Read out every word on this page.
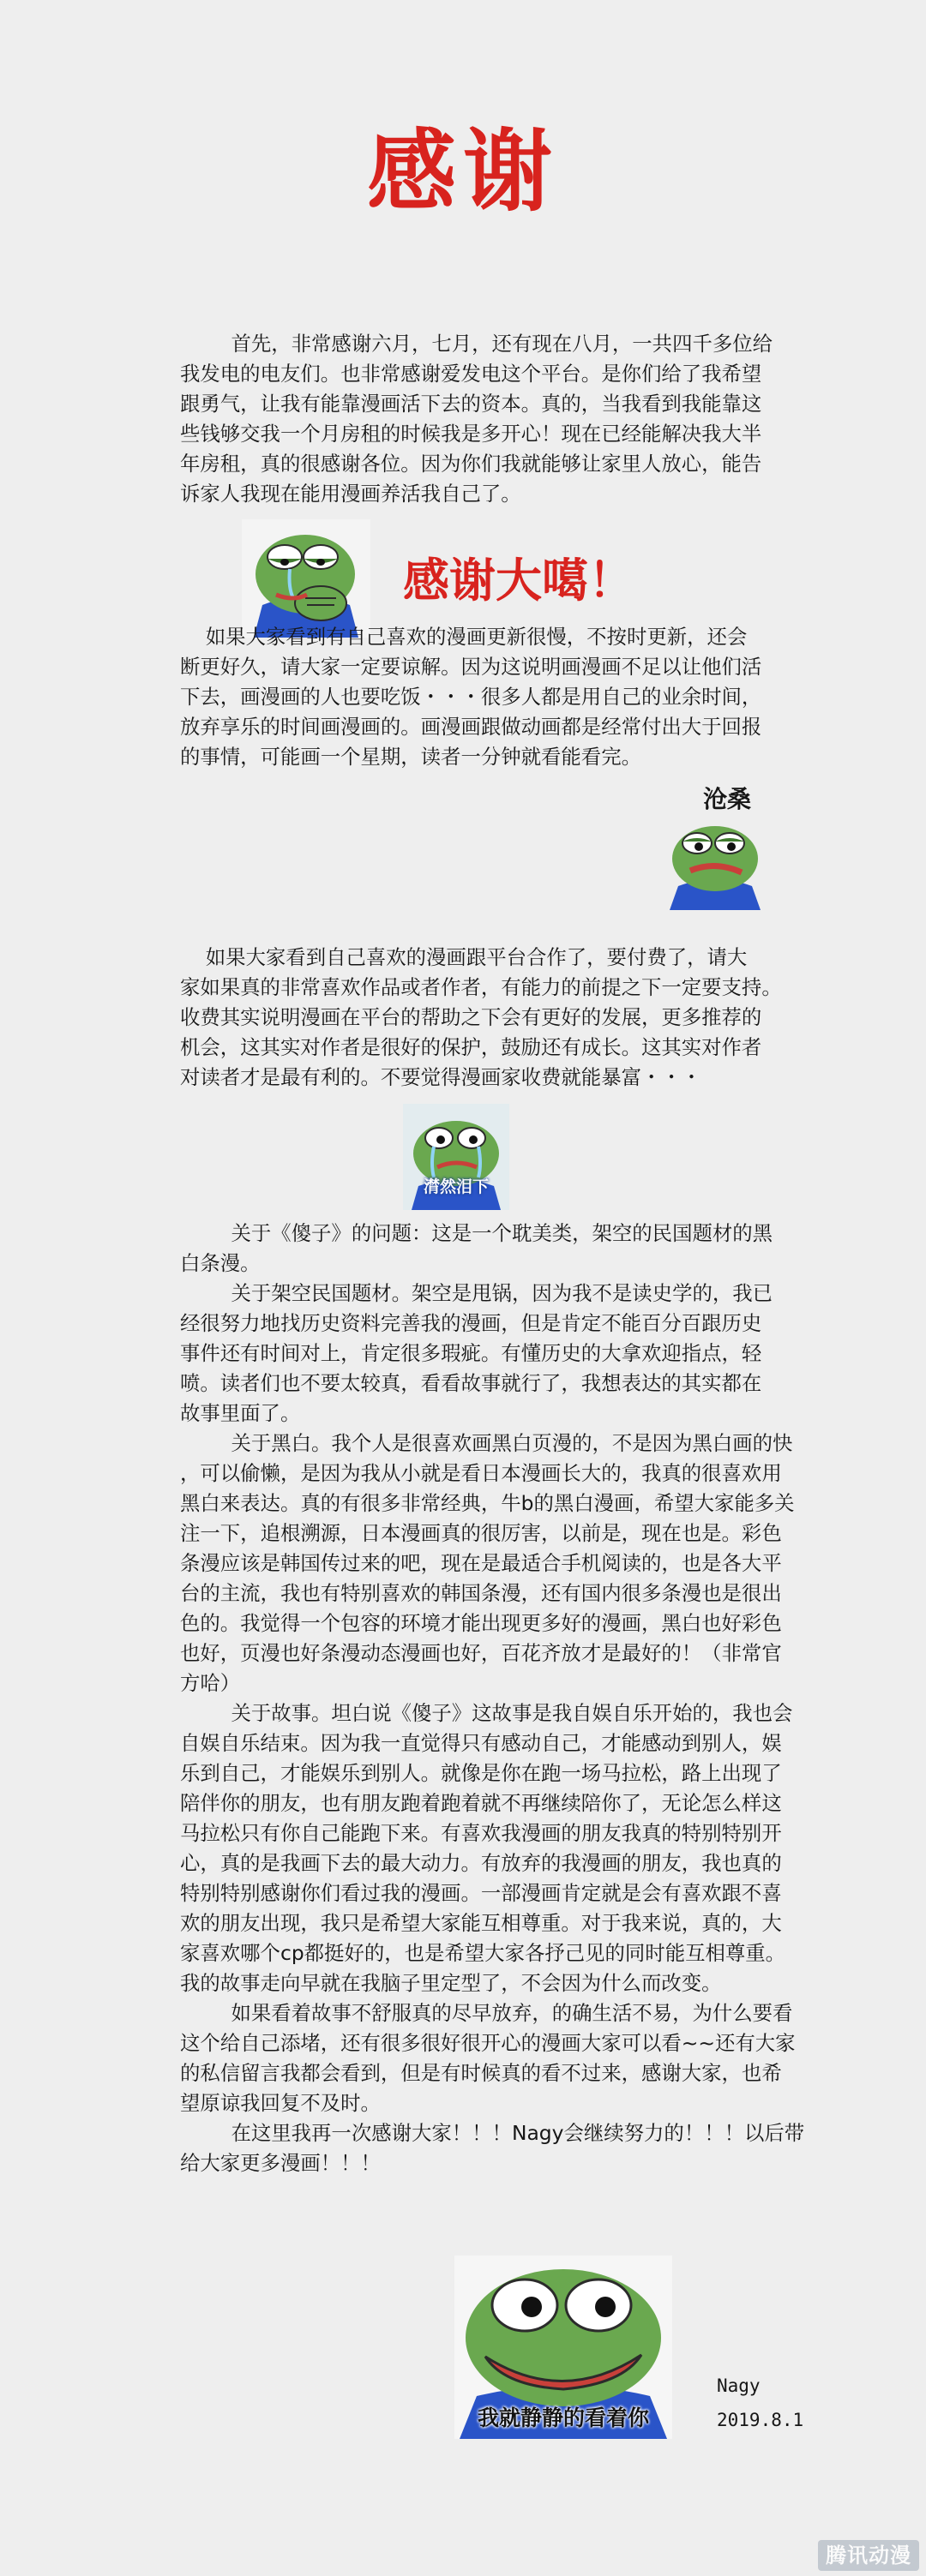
感谢

首先，非常感谢六月，七月，还有现在八月，一共四千多位给
我发电的电友们。也非常感谢爱发电这个平台。是你们给了我希望
跟勇气，让我有能靠漫画活下去的资本。真的，当我看到我能靠这
些钱够交我一个月房租的时候我是多开心！现在已经能解决我大半
年房租，真的很感谢各位。因为你们我就能够让家里人放心，能告
诉家人我现在能用漫画养活我自己了。

感谢大噶！

如果大家看到有自己喜欢的漫画更新很慢，不按时更新，还会
断更好久，请大家一定要谅解。因为这说明画漫画不足以让他们活
下去，画漫画的人也要吃饭・・・很多人都是用自己的业余时间，
放弃享乐的时间画漫画的。画漫画跟做动画都是经常付出大于回报
的事情，可能画一个星期，读者一分钟就看能看完。

沧桑

如果大家看到自己喜欢的漫画跟平台合作了，要付费了，请大
家如果真的非常喜欢作品或者作者，有能力的前提之下一定要支持。
收费其实说明漫画在平台的帮助之下会有更好的发展，更多推荐的
机会，这其实对作者是很好的保护，鼓励还有成长。这其实对作者
对读者才是最有利的。不要觉得漫画家收费就能暴富・・・

潸然泪下

关于《傻子》的问题：这是一个耽美类，架空的民国题材的黑
白条漫。
关于架空民国题材。架空是甩锅，因为我不是读史学的，我已
经很努力地找历史资料完善我的漫画，但是肯定不能百分百跟历史
事件还有时间对上，肯定很多瑕疵。有懂历史的大拿欢迎指点，轻
喷。读者们也不要太较真，看看故事就行了，我想表达的其实都在
故事里面了。
关于黑白。我个人是很喜欢画黑白页漫的，不是因为黑白画的快
，可以偷懒，是因为我从小就是看日本漫画长大的，我真的很喜欢用
黑白来表达。真的有很多非常经典，牛b的黑白漫画，希望大家能多关
注一下，追根溯源，日本漫画真的很厉害，以前是，现在也是。彩色
条漫应该是韩国传过来的吧，现在是最适合手机阅读的，也是各大平
台的主流，我也有特别喜欢的韩国条漫，还有国内很多条漫也是很出
色的。我觉得一个包容的环境才能出现更多好的漫画，黑白也好彩色
也好，页漫也好条漫动态漫画也好，百花齐放才是最好的！（非常官
方哈）
关于故事。坦白说《傻子》这故事是我自娱自乐开始的，我也会
自娱自乐结束。因为我一直觉得只有感动自己，才能感动到别人，娱
乐到自己，才能娱乐到别人。就像是你在跑一场马拉松，路上出现了
陪伴你的朋友，也有朋友跑着跑着就不再继续陪你了，无论怎么样这
马拉松只有你自己能跑下来。有喜欢我漫画的朋友我真的特别特别开
心，真的是我画下去的最大动力。有放弃的我漫画的朋友，我也真的
特别特别感谢你们看过我的漫画。一部漫画肯定就是会有喜欢跟不喜
欢的朋友出现，我只是希望大家能互相尊重。对于我来说，真的，大
家喜欢哪个cp都挺好的，也是希望大家各抒己见的同时能互相尊重。
我的故事走向早就在我脑子里定型了，不会因为什么而改变。
如果看着故事不舒服真的尽早放弃，的确生活不易，为什么要看
这个给自己添堵，还有很多很好很开心的漫画大家可以看~~还有大家
的私信留言我都会看到，但是有时候真的看不过来，感谢大家，也希
望原谅我回复不及时。
在这里我再一次感谢大家！！！Nagy会继续努力的！！！以后带
给大家更多漫画！！！

我就静静的看着你
Nagy
2019.8.1
腾讯动漫
